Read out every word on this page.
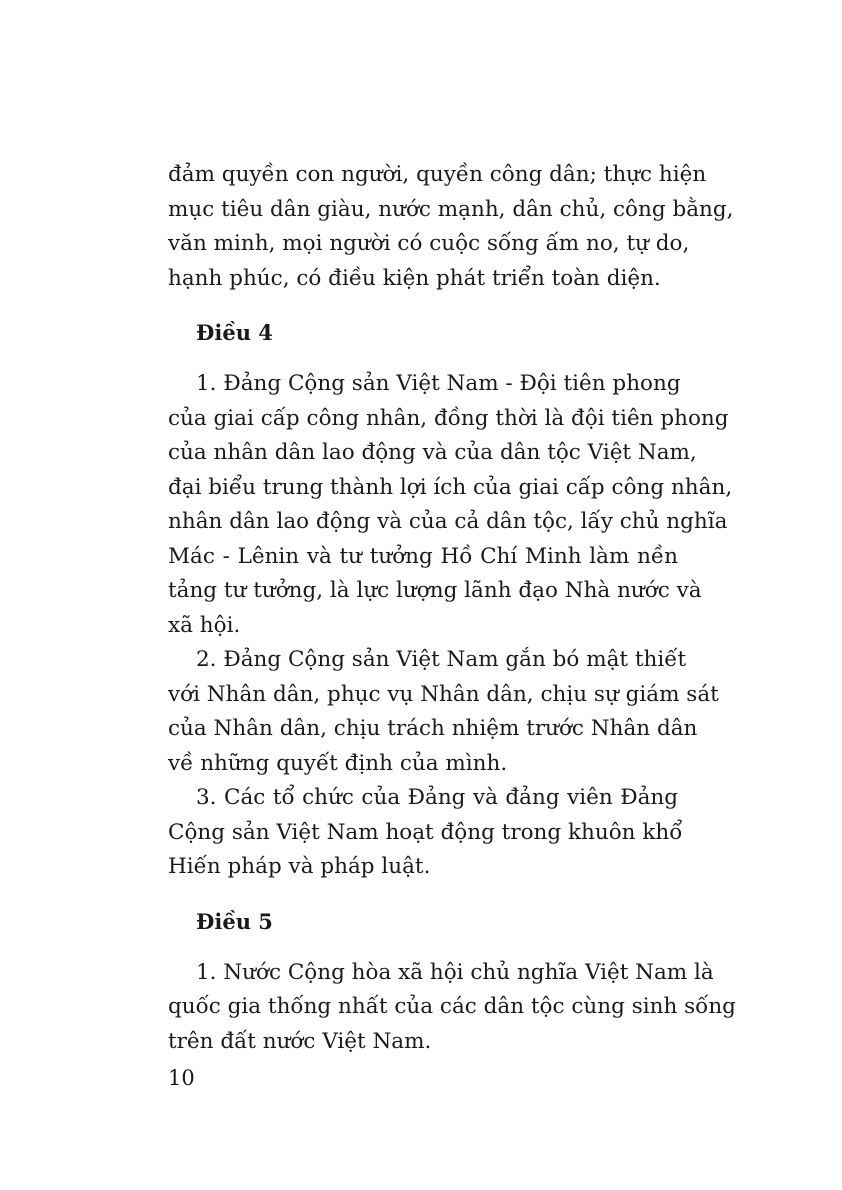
đảm quyền con người, quyền công dân; thực hiện
mục tiêu dân giàu, nước mạnh, dân chủ, công bằng,
văn minh, mọi người có cuộc sống ấm no, tự do,
hạnh phúc, có điều kiện phát triển toàn diện.
Điều 4
1. Đảng Cộng sản Việt Nam - Đội tiên phong
của giai cấp công nhân, đồng thời là đội tiên phong
của nhân dân lao động và của dân tộc Việt Nam,
đại biểu trung thành lợi ích của giai cấp công nhân,
nhân dân lao động và của cả dân tộc, lấy chủ nghĩa
Mác - Lênin và tư tưởng Hồ Chí Minh làm nền
tảng tư tưởng, là lực lượng lãnh đạo Nhà nước và
xã hội.
2. Đảng Cộng sản Việt Nam gắn bó mật thiết
với Nhân dân, phục vụ Nhân dân, chịu sự giám sát
của Nhân dân, chịu trách nhiệm trước Nhân dân
về những quyết định của mình.
3. Các tổ chức của Đảng và đảng viên Đảng
Cộng sản Việt Nam hoạt động trong khuôn khổ
Hiến pháp và pháp luật.
Điều 5
1. Nước Cộng hòa xã hội chủ nghĩa Việt Nam là
quốc gia thống nhất của các dân tộc cùng sinh sống
trên đất nước Việt Nam.
10
